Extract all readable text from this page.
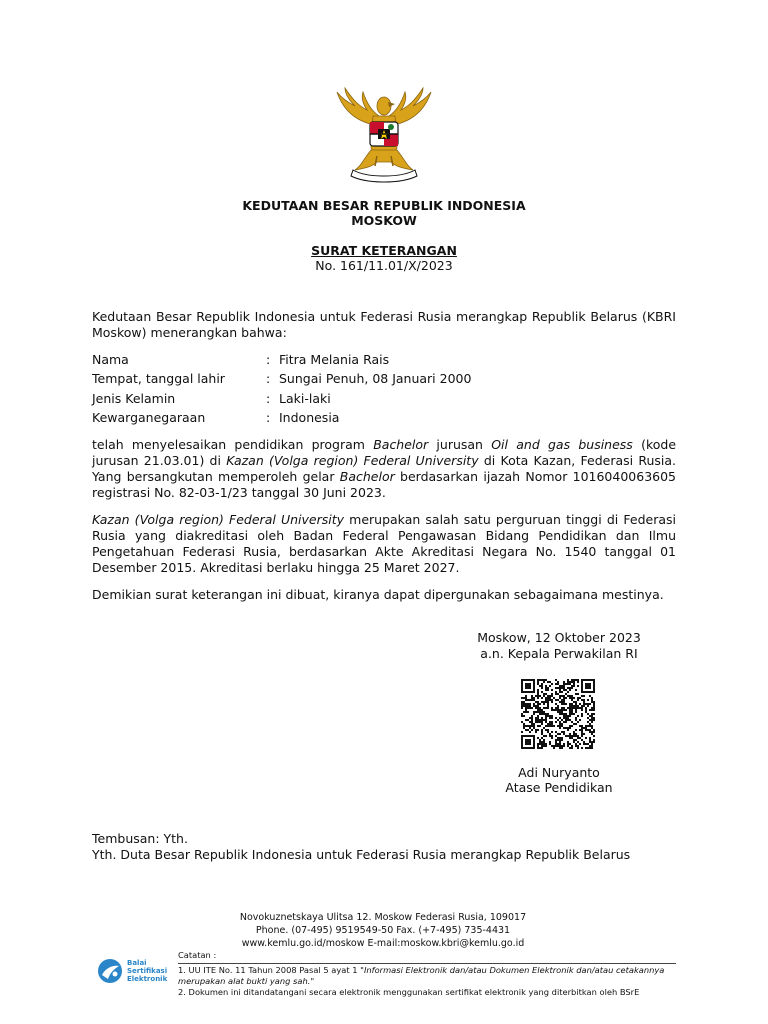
KEDUTAAN BESAR REPUBLIK INDONESIA
MOSKOW
SURAT KETERANGAN
No. 161/11.01/X/2023

Kedutaan Besar Republik Indonesia untuk Federasi Rusia merangkap Republik Belarus (KBRI Moskow) menerangkan bahwa:

Nama	: Fitra Melania Rais
Tempat, tanggal lahir	: Sungai Penuh, 08 Januari 2000
Jenis Kelamin	: Laki-laki
Kewarganegaraan	: Indonesia

telah menyelesaikan pendidikan program Bachelor jurusan Oil and gas business (kode jurusan 21.03.01) di Kazan (Volga region) Federal University di Kota Kazan, Federasi Rusia. Yang bersangkutan memperoleh gelar Bachelor berdasarkan ijazah Nomor 1016040063605 registrasi No. 82-03-1/23 tanggal 30 Juni 2023.

Kazan (Volga region) Federal University merupakan salah satu perguruan tinggi di Federasi Rusia yang diakreditasi oleh Badan Federal Pengawasan Bidang Pendidikan dan Ilmu Pengetahuan Federasi Rusia, berdasarkan Akte Akreditasi Negara No. 1540 tanggal 01 Desember 2015. Akreditasi berlaku hingga 25 Maret 2027.

Demikian surat keterangan ini dibuat, kiranya dapat dipergunakan sebagaimana mestinya.

Moskow, 12 Oktober 2023
a.n. Kepala Perwakilan RI
Adi Nuryanto
Atase Pendidikan
Tembusan: Yth.
Yth. Duta Besar Republik Indonesia untuk Federasi Rusia merangkap Republik Belarus
Novokuznetskaya Ulitsa 12. Moskow Federasi Rusia, 109017
Phone. (07-495) 9519549-50 Fax. (+7-495) 735-4431
www.kemlu.go.id/moskow E-mail:moskow.kbri@kemlu.go.id
Balai
Sertifikasi
Elektronik
Catatan :
1. UU ITE No. 11 Tahun 2008 Pasal 5 ayat 1 "Informasi Elektronik dan/atau Dokumen Elektronik dan/atau cetakannya merupakan alat bukti yang sah."
2. Dokumen ini ditandatangani secara elektronik menggunakan sertifikat elektronik yang diterbitkan oleh BSrE
